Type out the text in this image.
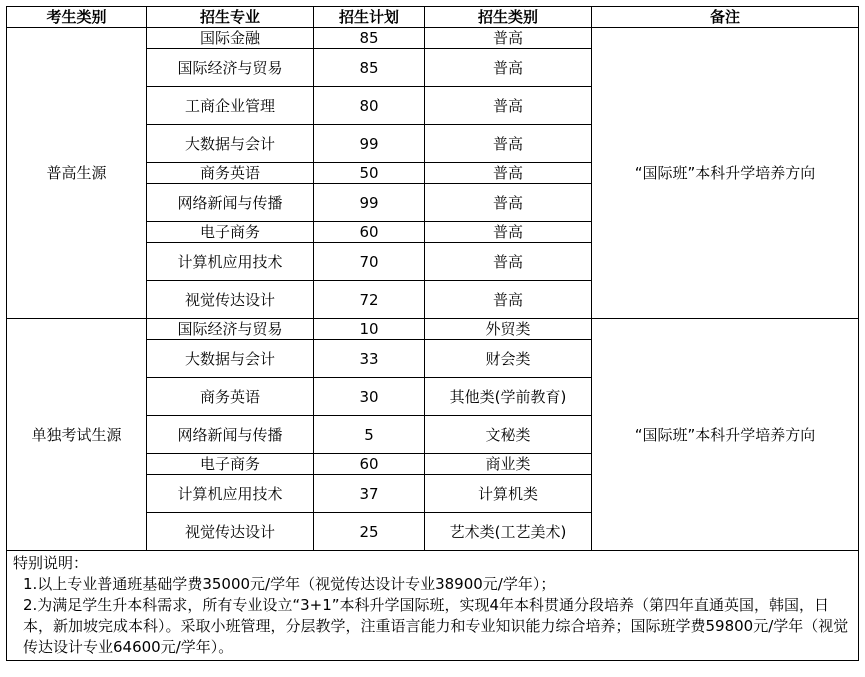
考生类别	招生专业	招生计划	招生类别	备注
普高生源	国际金融	85	普高	“国际班”本科升学培养方向
	国际经济与贸易	85	普高	
	工商企业管理	80	普高	
	大数据与会计	99	普高	
	商务英语	50	普高	
	网络新闻与传播	99	普高	
	电子商务	60	普高	
	计算机应用技术	70	普高	
	视觉传达设计	72	普高	
单独考试生源	国际经济与贸易	10	外贸类	“国际班”本科升学培养方向
	大数据与会计	33	财会类	
	商务英语	30	其他类(学前教育)	
	网络新闻与传播	5	文秘类	
	电子商务	60	商业类	
	计算机应用技术	37	计算机类	
	视觉传达设计	25	艺术类(工艺美术)	

特别说明：

1.以上专业普通班基础学费35000元/学年（视觉传达设计专业38900元/学年）；

2.为满足学生升本科需求，所有专业设立“3+1”本科升学国际班，实现4年本科贯通分段培养（第四年直通英国，韩国，日本，新加坡完成本科）。采取小班管理，分层教学，注重语言能力和专业知识能力综合培养；国际班学费59800元/学年（视觉传达设计专业64600元/学年）。				
